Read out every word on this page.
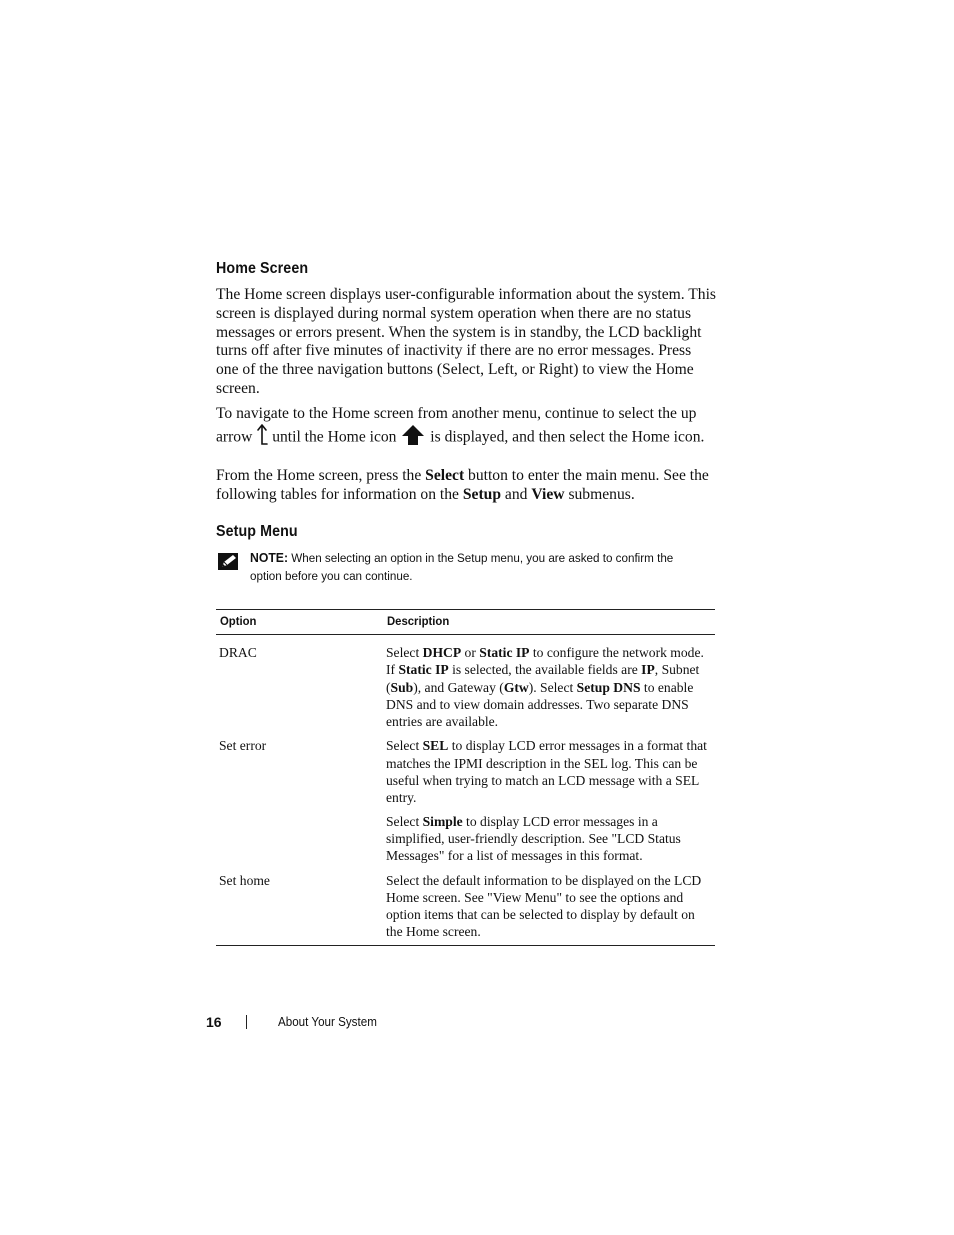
Home Screen

The Home screen displays user-configurable information about the system. This screen is displayed during normal system operation when there are no status messages or errors present. When the system is in standby, the LCD backlight turns off after five minutes of inactivity if there are no error messages. Press one of the three navigation buttons (Select, Left, or Right) to view the Home screen.

To navigate to the Home screen from another menu, continue to select the up arrow until the Home icon is displayed, and then select the Home icon.

From the Home screen, press the Select button to enter the main menu. See the following tables for information on the Setup and View submenus.

Setup Menu
NOTE: When selecting an option in the Setup menu, you are asked to confirm the option before you can continue.
Option	Description
DRAC	Select DHCP or Static IP to configure the network mode. If Static IP is selected, the available fields are IP, Subnet (Sub), and Gateway (Gtw). Select Setup DNS to enable DNS and to view domain addresses. Two separate DNS entries are available.

Set error	Select SEL to display LCD error messages in a format that matches the IPMI description in the SEL log. This can be useful when trying to match an LCD message with a SEL entry.

Select Simple to display LCD error messages in a simplified, user-friendly description. See "LCD Status Messages" for a list of messages in this format.

Set home	Select the default information to be displayed on the LCD Home screen. See "View Menu" to see the options and option items that can be selected to display by default on the Home screen.

16	About Your System
